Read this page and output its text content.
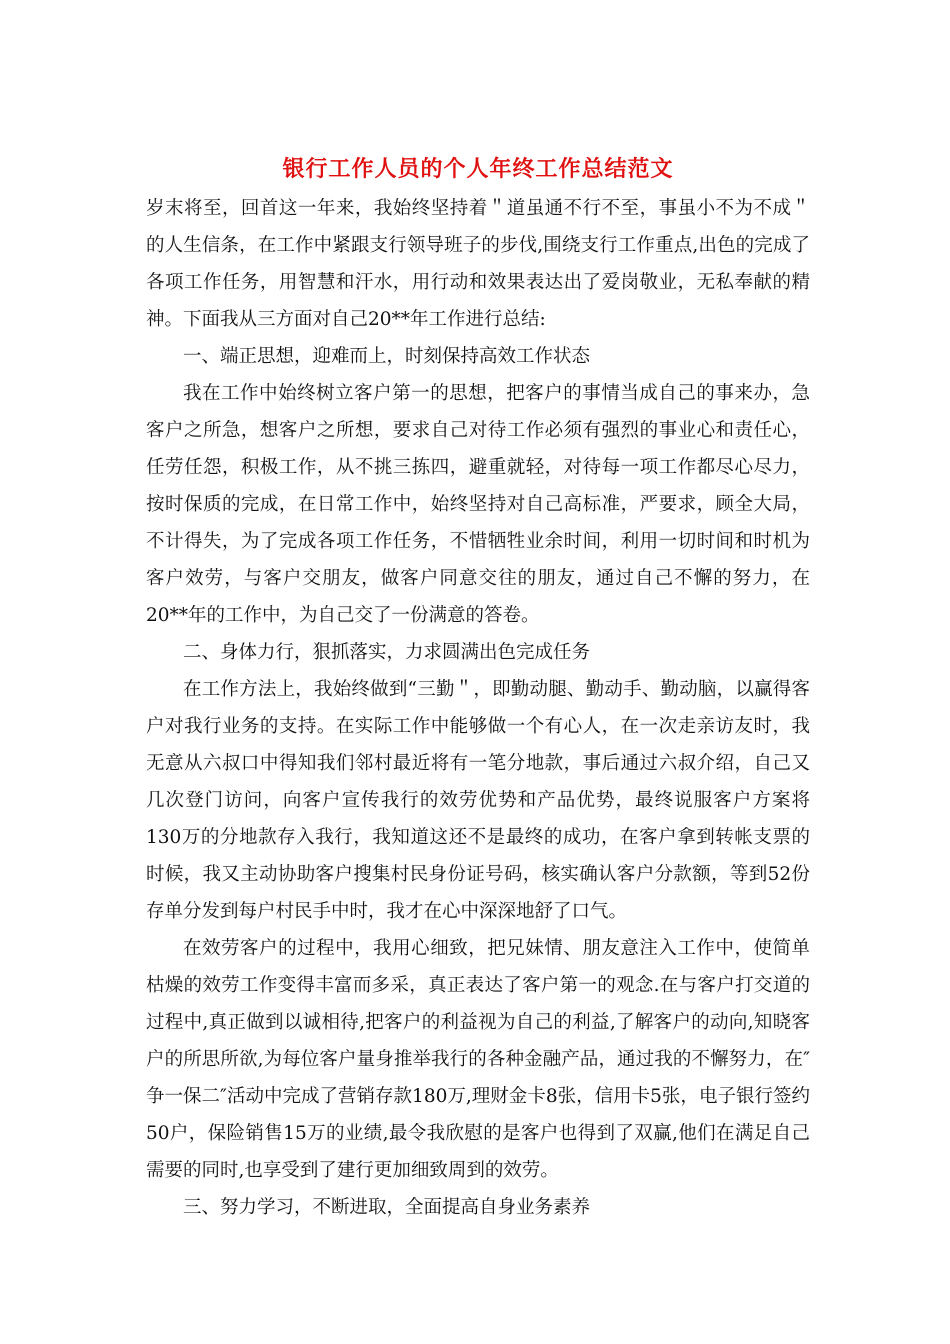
银行工作人员的个人年终工作总结范文

岁末将至，回首这一年来，我始终坚持着＂道虽通不行不至，事虽小不为不成＂的人生信条，在工作中紧跟支行领导班子的步伐,围绕支行工作重点,出色的完成了各项工作任务，用智慧和汗水，用行动和效果表达出了爱岗敬业，无私奉献的精神。下面我从三方面对自己20**年工作进行总结:

一、端正思想，迎难而上，时刻保持高效工作状态

我在工作中始终树立客户第一的思想，把客户的事情当成自己的事来办，急客户之所急，想客户之所想，要求自己对待工作必须有强烈的事业心和责任心，任劳任怨，积极工作，从不挑三拣四，避重就轻，对待每一项工作都尽心尽力，按时保质的完成，在日常工作中，始终坚持对自己高标准，严要求，顾全大局，不计得失，为了完成各项工作任务，不惜牺牲业余时间，利用一切时间和时机为客户效劳，与客户交朋友，做客户同意交往的朋友，通过自己不懈的努力，在20**年的工作中，为自己交了一份满意的答卷。

二、身体力行，狠抓落实，力求圆满出色完成任务

在工作方法上，我始终做到“三勤＂，即勤动腿、勤动手、勤动脑，以赢得客户对我行业务的支持。在实际工作中能够做一个有心人，在一次走亲访友时，我无意从六叔口中得知我们邻村最近将有一笔分地款，事后通过六叔介绍，自己又几次登门访问，向客户宣传我行的效劳优势和产品优势，最终说服客户方案将130万的分地款存入我行，我知道这还不是最终的成功，在客户拿到转帐支票的时候，我又主动协助客户搜集村民身份证号码，核实确认客户分款额，等到52份存单分发到每户村民手中时，我才在心中深深地舒了口气。

在效劳客户的过程中，我用心细致，把兄妹情、朋友意注入工作中，使简单枯燥的效劳工作变得丰富而多采，真正表达了客户第一的观念.在与客户打交道的过程中,真正做到以诚相待,把客户的利益视为自己的利益,了解客户的动向,知晓客户的所思所欲,为每位客户量身推举我行的各种金融产品，通过我的不懈努力，在″争一保二″活动中完成了营销存款180万,理财金卡8张，信用卡5张，电子银行签约50户，保险销售15万的业绩,最令我欣慰的是客户也得到了双赢,他们在满足自己需要的同时,也享受到了建行更加细致周到的效劳。

三、努力学习，不断进取，全面提高自身业务素养
